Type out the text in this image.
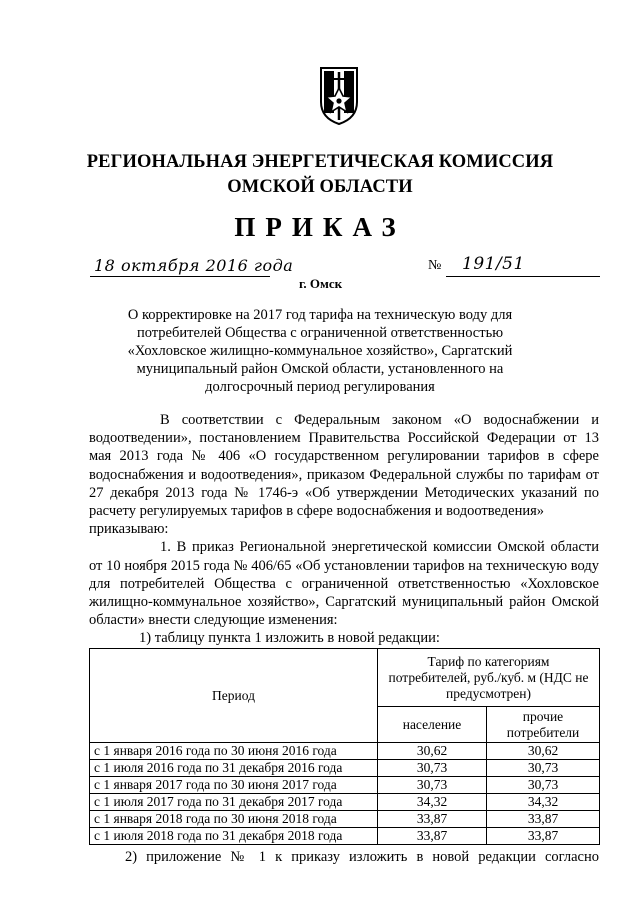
РЕГИОНАЛЬНАЯ ЭНЕРГЕТИЧЕСКАЯ КОМИССИЯ
ОМСКОЙ ОБЛАСТИ
ПРИКАЗ
18 октября 2016 года	№ 191/51
г. Омск
О корректировке на 2017 год тарифа на техническую воду для
потребителей Общества с ограниченной ответственностью
«Хохловское жилищно-коммунальное хозяйство», Саргатский
муниципальный район Омской области, установленного на
долгосрочный период регулирования

В соответствии с Федеральным законом «О водоснабжении и водоотведении», постановлением Правительства Российской Федерации от 13 мая 2013 года № 406 «О государственном регулировании тарифов в сфере водоснабжения и водоотведения», приказом Федеральной службы по тарифам от 27 декабря 2013 года № 1746-э «Об утверждении Методических указаний по расчету регулируемых тарифов в сфере водоснабжения и водоотведения»

приказываю:

1. В приказ Региональной энергетической комиссии Омской области от 10 ноября 2015 года № 406/65 «Об установлении тарифов на техническую воду для потребителей Общества с ограниченной ответственностью «Хохловское жилищно-коммунальное хозяйство», Саргатский муниципальный район Омской области» внести следующие изменения:

1) таблицу пункта 1 изложить в новой редакции:

Период	Тариф по категориям потребителей, руб./куб. м (НДС не предусмотрен)	
	население	прочие потребители
с 1 января 2016 года по 30 июня 2016 года	30,62	30,62
с 1 июля 2016 года по 31 декабря 2016 года	30,73	30,73
с 1 января 2017 года по 30 июня 2017 года	30,73	30,73
с 1 июля 2017 года по 31 декабря 2017 года	34,32	34,32
с 1 января 2018 года по 30 июня 2018 года	33,87	33,87
с 1 июля 2018 года по 31 декабря 2018 года	33,87	33,87
2) приложение № 1 к приказу изложить в новой редакции согласно
